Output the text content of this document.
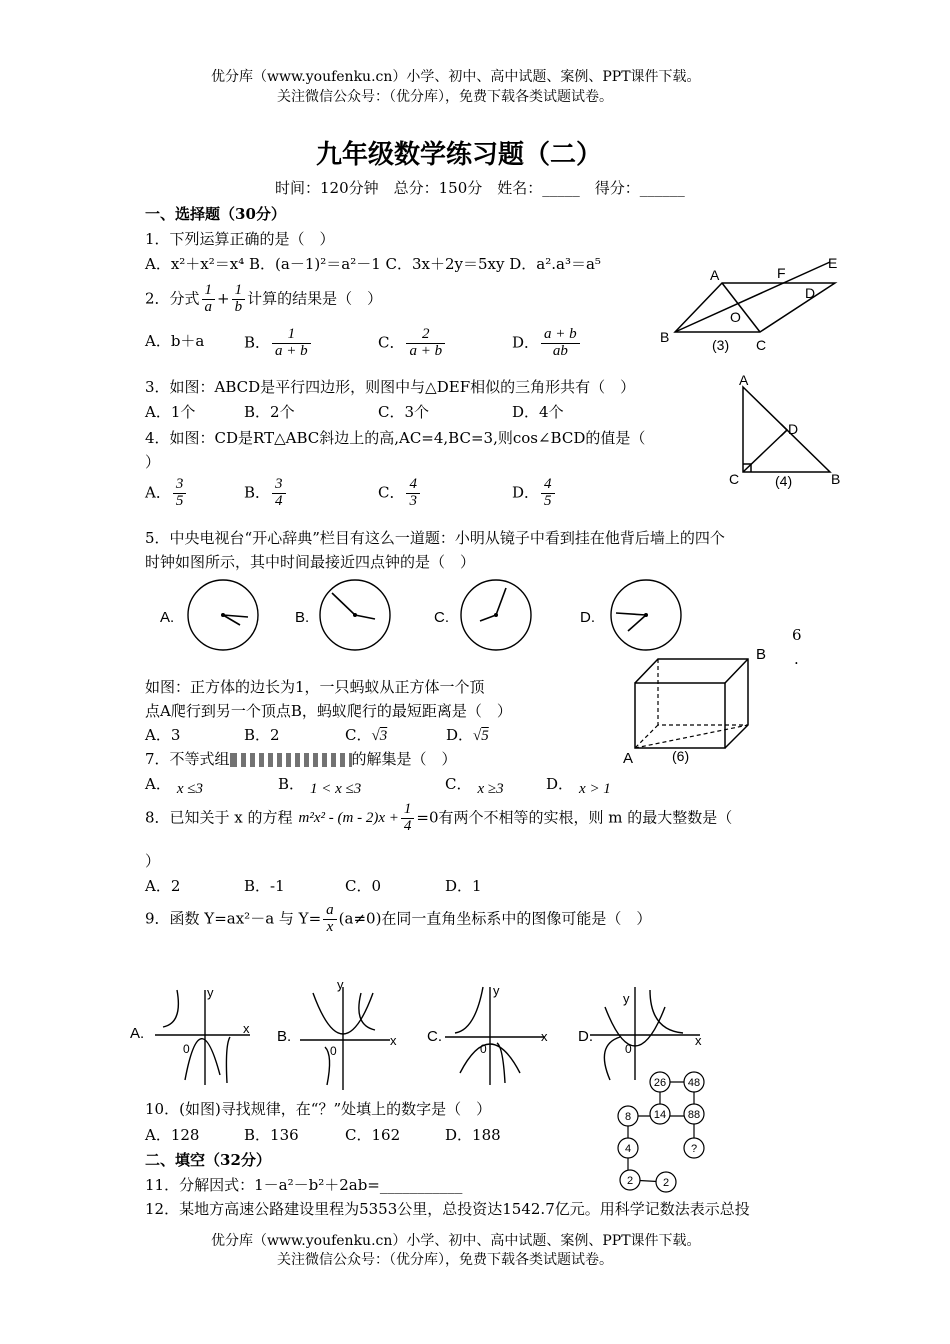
优分库（www.youfenku.cn）小学、初中、高中试题、案例、PPT课件下载。
关注微信公众号：（优分库），免费下载各类试题试卷。
九年级数学练习题（二）
时间：120分钟　总分：150分　姓名：_____　得分：______
一、选择题（30分）
1．下列运算正确的是（　）
A．x²＋x²＝x⁴ B．(a－1)²＝a²－1 C．3x＋2y＝5xy D．a².a³＝a⁵
2．分式 $\frac{1}{a} + \frac{1}{b}$ 计算的结果是（　）
A．b＋a	B． $\frac{1}{a + b}$	C． $\frac{2}{a + b}$	D． $\frac{a + b}{ab}$	B
A	F
E
D
O
C
(3)
3．如图：ABCD是平行四边形，则图中与△DEF相似的三角形共有（　）
A．1个	B．2个	C．3个	D．4个
A
D
C	B
(4)
4．如图：CD是RT△ABC斜边上的高,AC=4,BC=3,则cos∠BCD的值是（
）
A． $\frac{3}{5}$	B． $\frac{3}{4}$	C． $\frac{4}{3}$	D． $\frac{4}{5}$
5．中央电视台“开心辞典”栏目有这么一道题：小明从镜子中看到挂在他背后墙上的四个
时钟如图所示，其中时间最接近四点钟的是（　）
A.	B.	C.	D.
6
.
如图：正方体的边长为1，一只蚂蚁从正方体一个顶
点A爬行到另一个顶点B，蚂蚁爬行的最短距离是（　）
A．3	B．2	C．√3	D．√5
B
A	(6)
7．不等式组	的解集是（　）
A． x ≤3	B． 1 < x ≤3	C． x ≥3	D． x > 1
8．已知关于 x 的方程 $m^2x^2 - (m - 2)x + \frac{1}{4} =0$有两个不相等的实根，则 m 的最大整数是（
）
A．2	B．-1	C．0	D．1
9．函数 Y=ax²－a 与 $Y= \frac{a}{x} (a\ne 0)$在同一直角坐标系中的图像可能是（　）
A.	B.	C.	D.
y
x
0
y
x
0
y
x
0
y
x
0
26 48
8 14 88
4	?
2	2
10．(如图)寻找规律，在“？”处填上的数字是（　）
A．128	B．136	C．162	D．188
二、填空（32分）
11．分解因式：1－a²－b²＋2ab=___________
12．某地方高速公路建设里程为5353公里，总投资达1542.7亿元。用科学记数法表示总投
优分库（www.youfenku.cn）小学、初中、高中试题、案例、PPT课件下载。
关注微信公众号：（优分库），免费下载各类试题试卷。
